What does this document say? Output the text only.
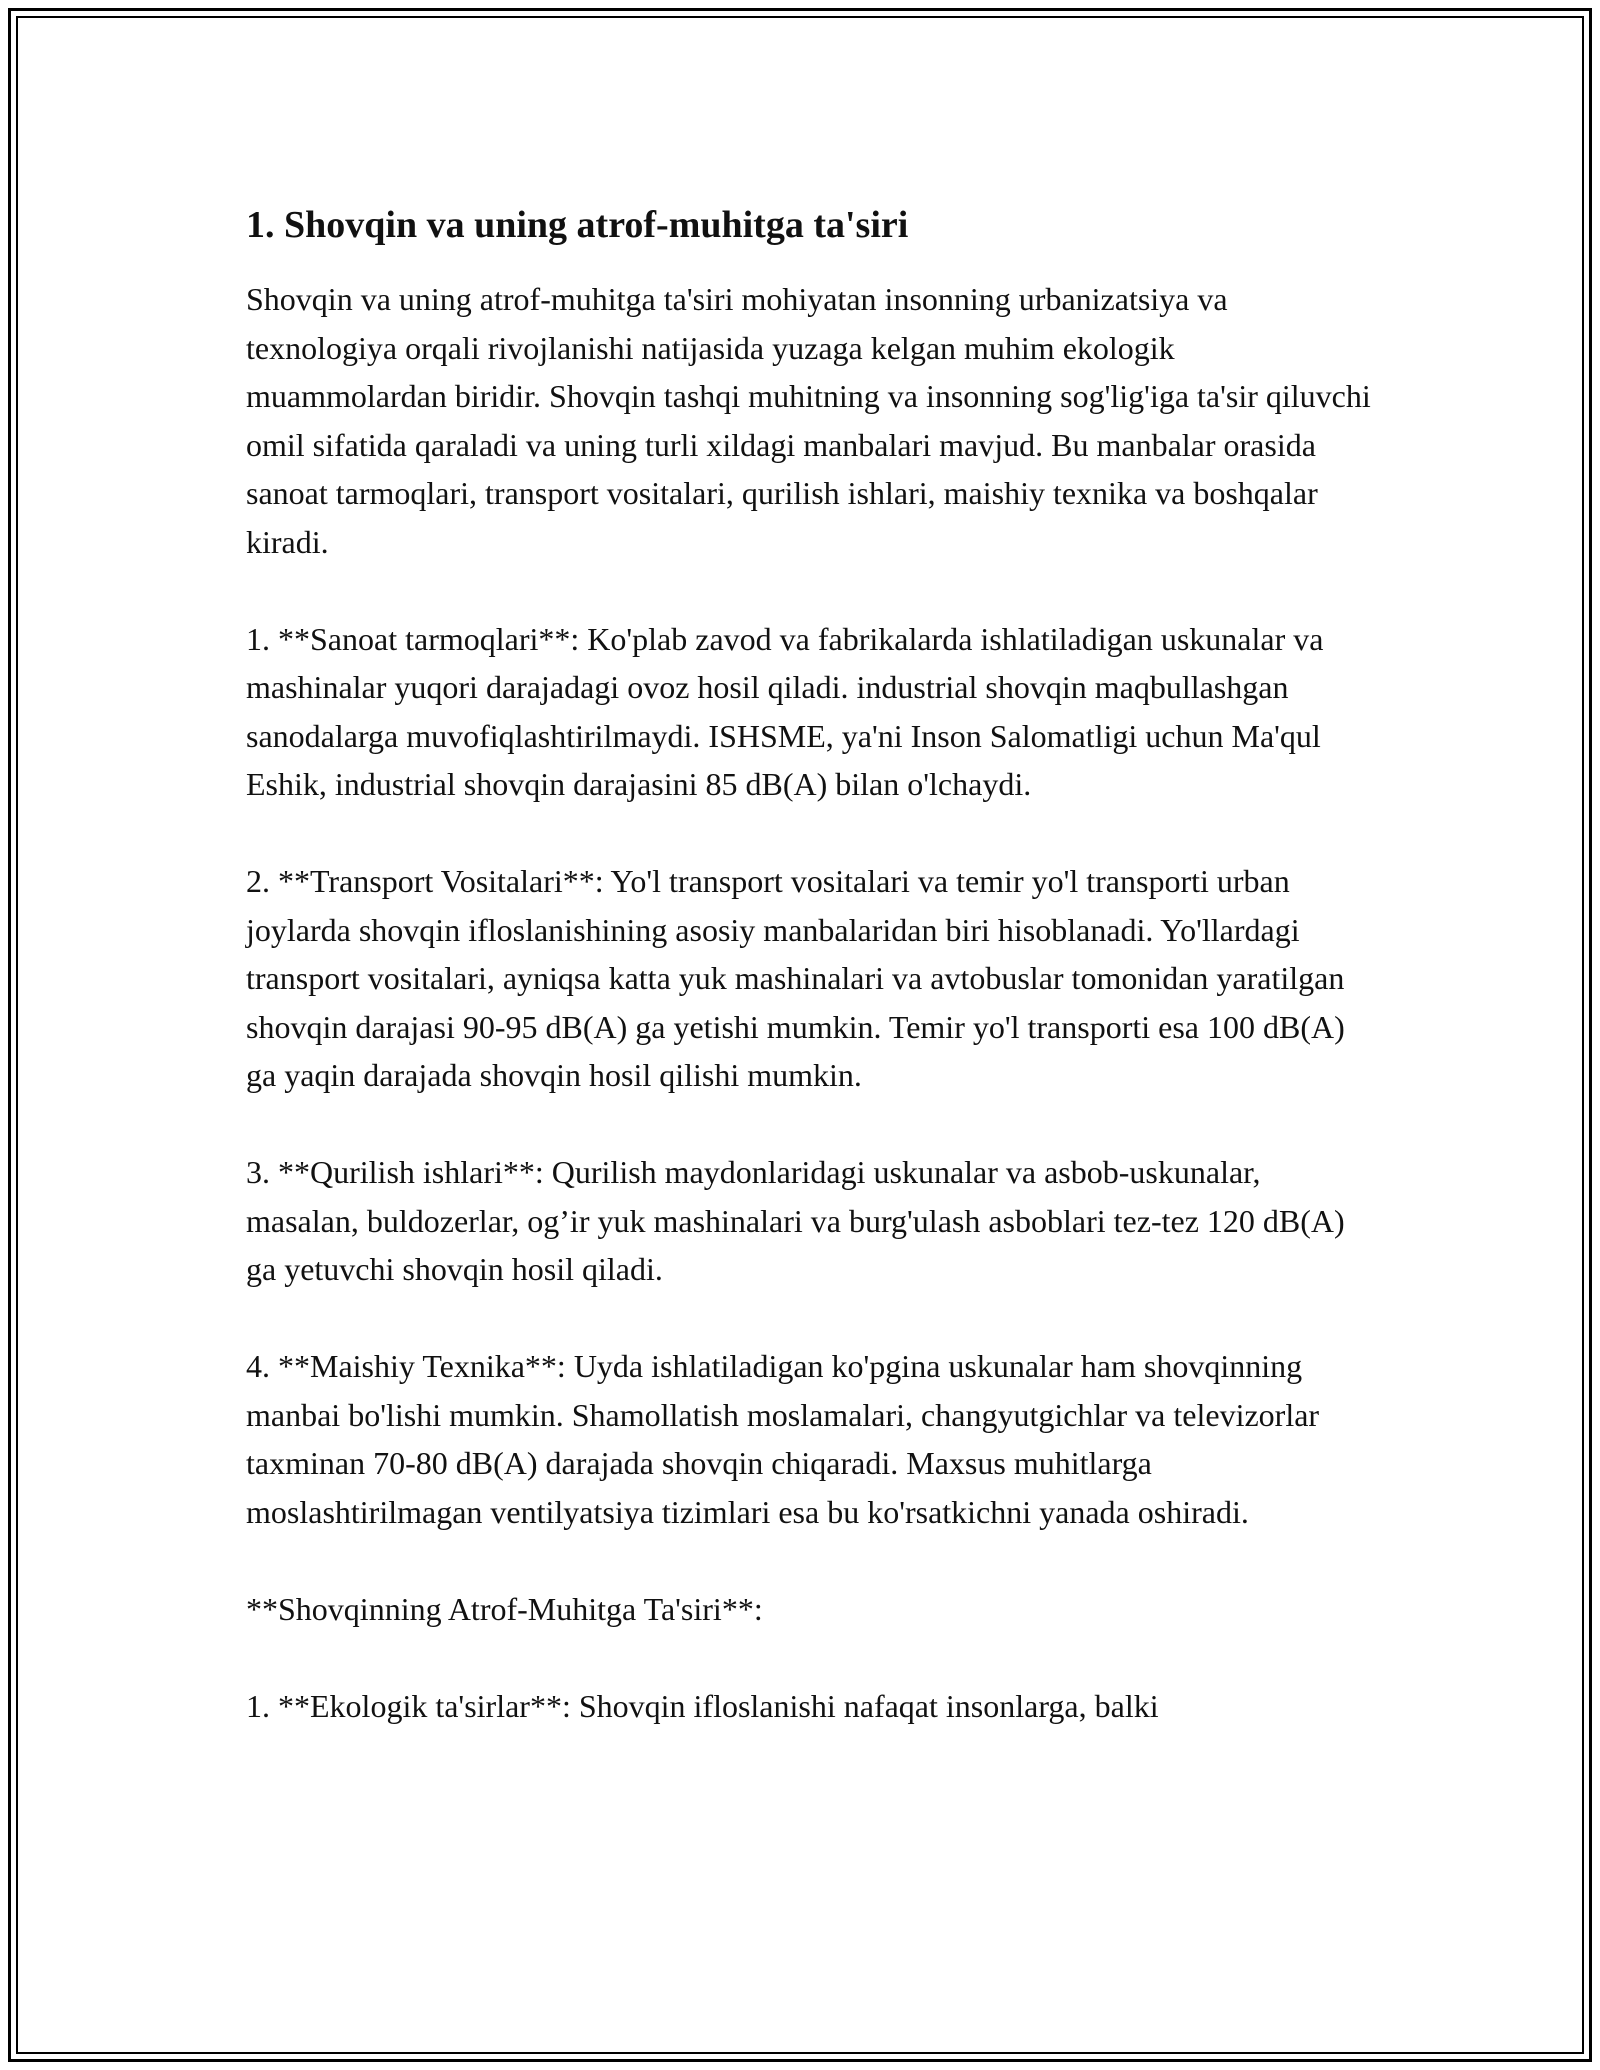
1. Shovqin va uning atrof-muhitga ta'siri

Shovqin va uning atrof-muhitga ta'siri mohiyatan insonning urbanizatsiya va texnologiya orqali rivojlanishi natijasida yuzaga kelgan muhim ekologik muammolardan biridir. Shovqin tashqi muhitning va insonning sog'lig'iga ta'sir qiluvchi omil sifatida qaraladi va uning turli xildagi manbalari mavjud. Bu manbalar orasida sanoat tarmoqlari, transport vositalari, qurilish ishlari, maishiy texnika va boshqalar kiradi.

1. **Sanoat tarmoqlari**: Ko'plab zavod va fabrikalarda ishlatiladigan uskunalar va mashinalar yuqori darajadagi ovoz hosil qiladi. industrial shovqin maqbullashgan sanodalarga muvofiqlashtirilmaydi. ISHSME, ya'ni Inson Salomatligi uchun Ma'qul Eshik, industrial shovqin darajasini 85 dB(A) bilan o'lchaydi.

2. **Transport Vositalari**: Yo'l transport vositalari va temir yo'l transporti urban joylarda shovqin ifloslanishining asosiy manbalaridan biri hisoblanadi. Yo'llardagi transport vositalari, ayniqsa katta yuk mashinalari va avtobuslar tomonidan yaratilgan shovqin darajasi 90-95 dB(A) ga yetishi mumkin. Temir yo'l transporti esa 100 dB(A) ga yaqin darajada shovqin hosil qilishi mumkin.

3. **Qurilish ishlari**: Qurilish maydonlaridagi uskunalar va asbob-uskunalar, masalan, buldozerlar, og’ir yuk mashinalari va burg'ulash asboblari tez-tez 120 dB(A) ga yetuvchi shovqin hosil qiladi.

4. **Maishiy Texnika**: Uyda ishlatiladigan ko'pgina uskunalar ham shovqinning manbai bo'lishi mumkin. Shamollatish moslamalari, changyutgichlar va televizorlar taxminan 70-80 dB(A) darajada shovqin chiqaradi. Maxsus muhitlarga moslashtirilmagan ventilyatsiya tizimlari esa bu ko'rsatkichni yanada oshiradi.

**Shovqinning Atrof-Muhitga Ta'siri**:

1. **Ekologik ta'sirlar**: Shovqin ifloslanishi nafaqat insonlarga, balki
